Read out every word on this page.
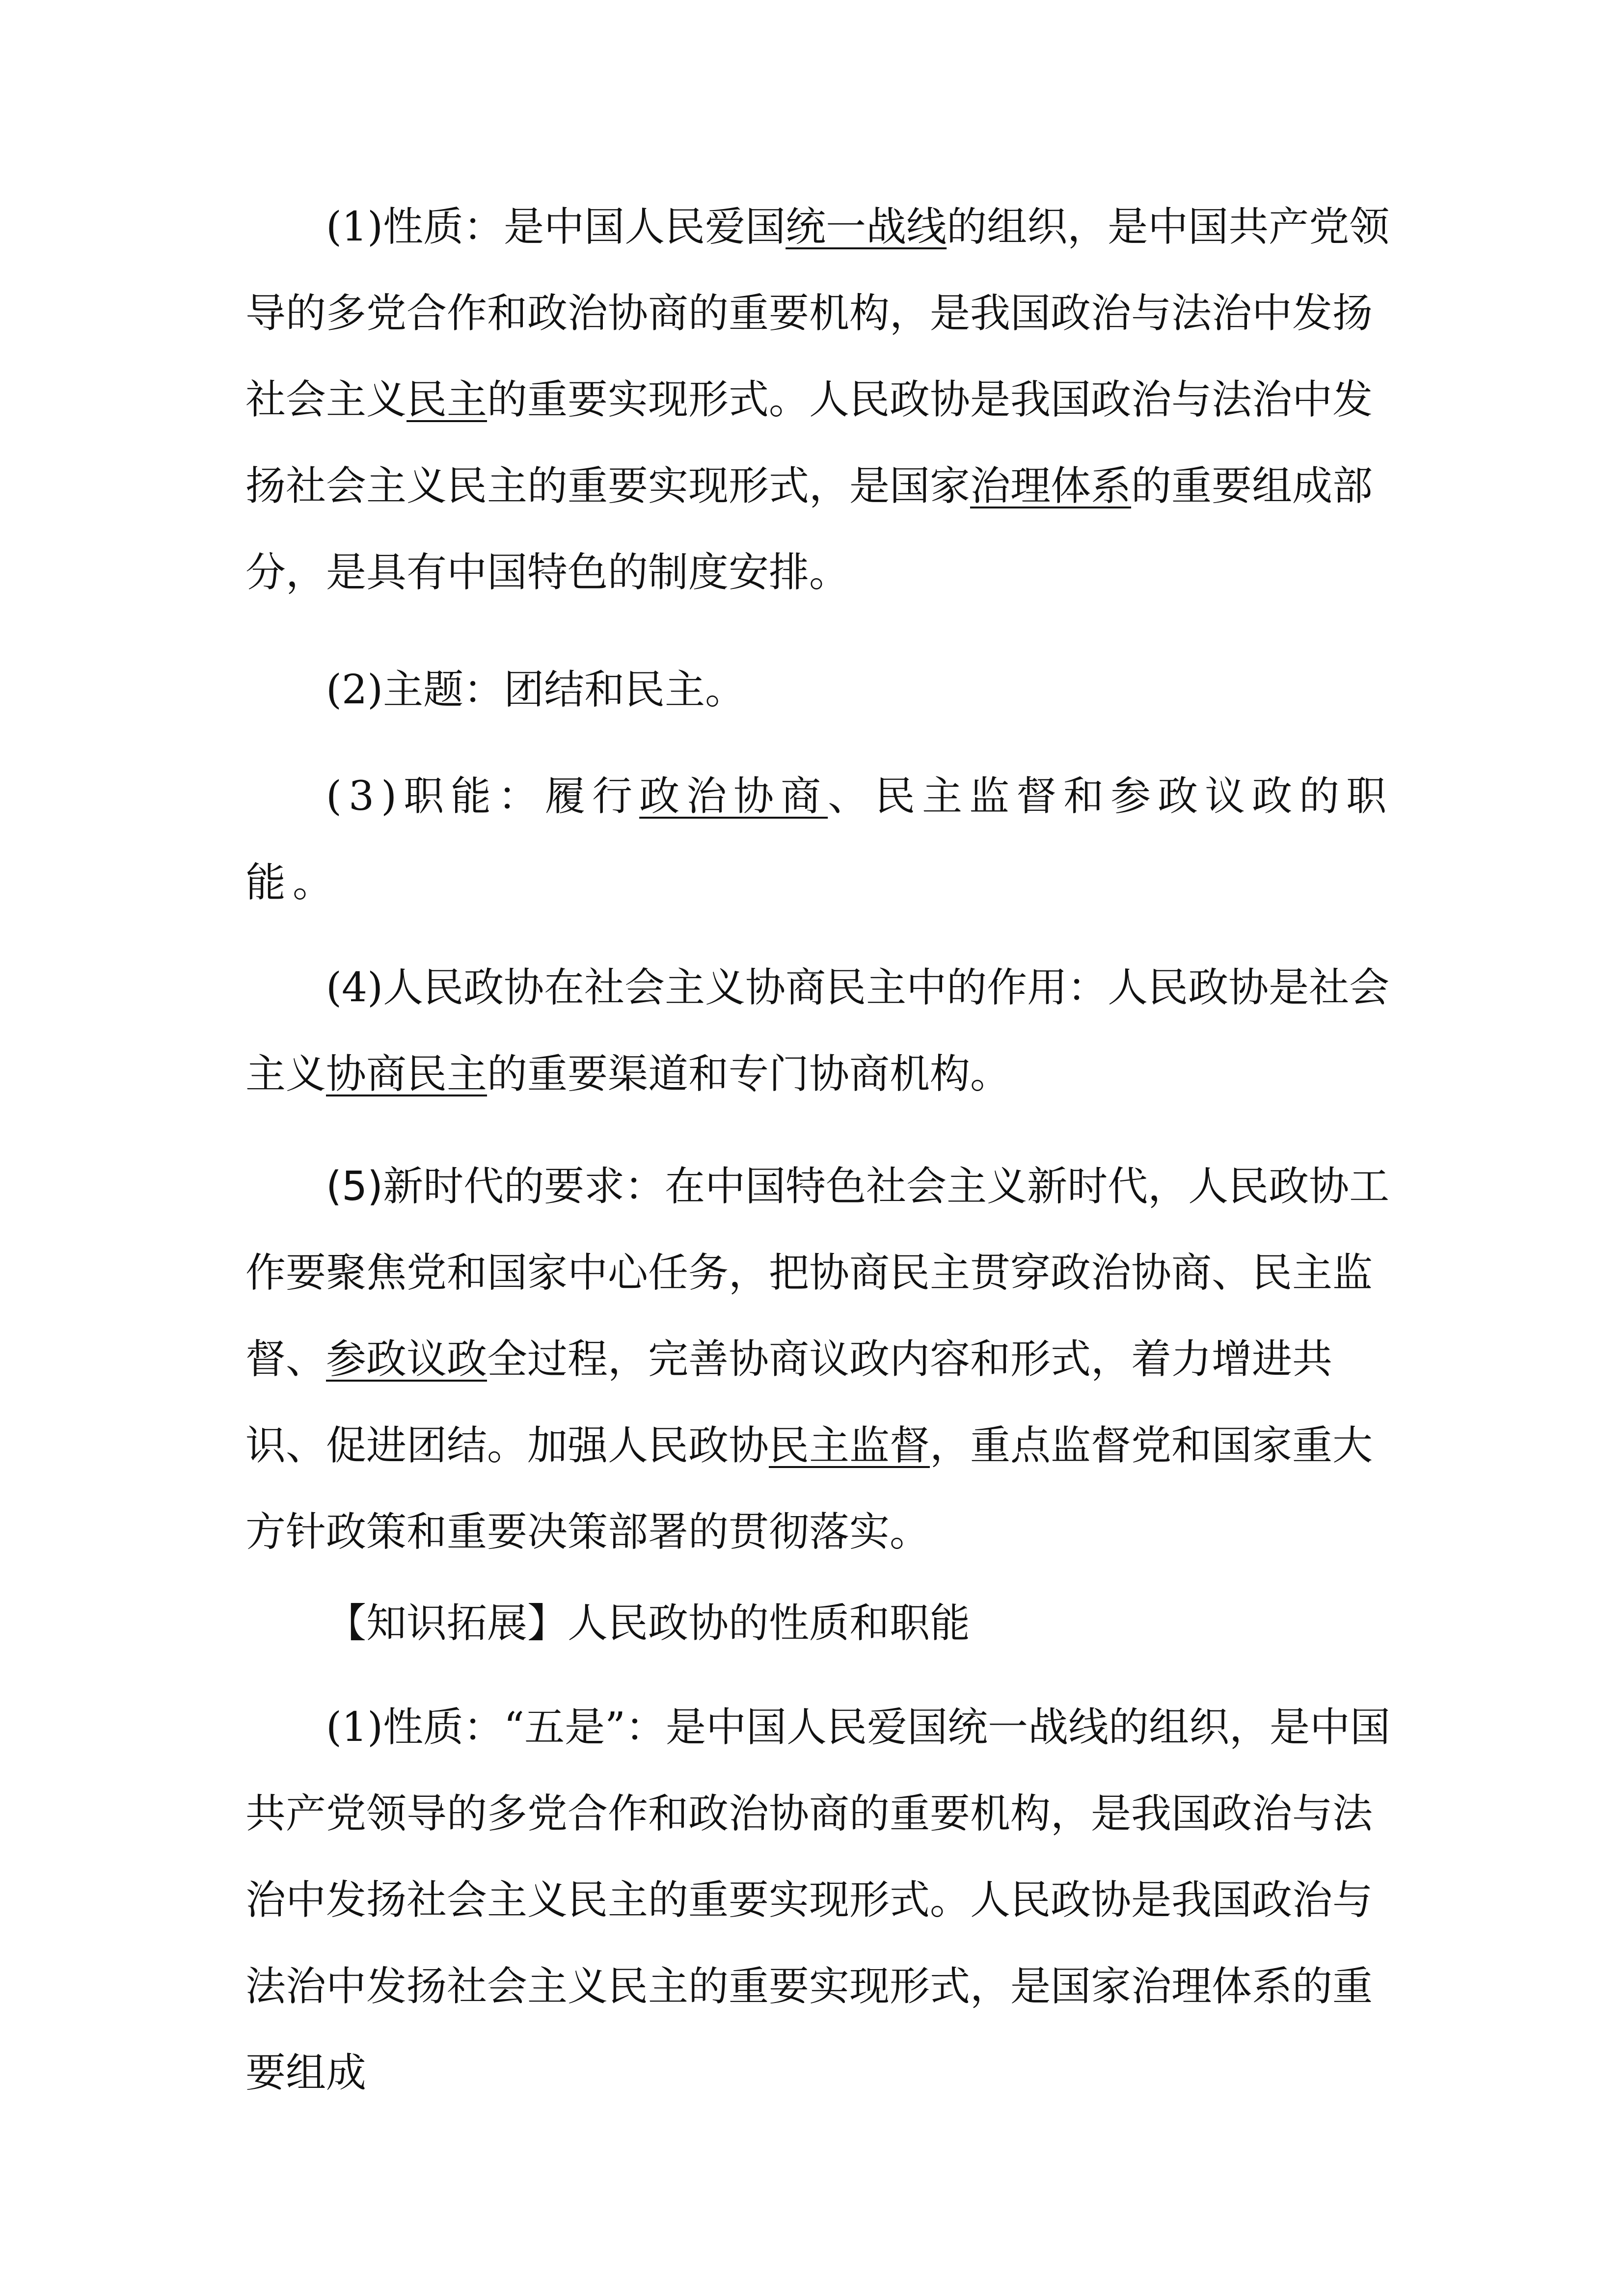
(1)性质：是中国人民爱国统一战线的组织，是中国共产党领导的多党合作和政治协商的重要机构，是我国政治与法治中发扬社会主义民主的重要实现形式。人民政协是我国政治与法治中发扬社会主义民主的重要实现形式，是国家治理体系的重要组成部分，是具有中国特色的制度安排。

(2)主题：团结和民主。

(3)职能：履行政治协商、民主监督和参政议政的职能。

(4)人民政协在社会主义协商民主中的作用：人民政协是社会主义协商民主的重要渠道和专门协商机构。

(5)新时代的要求：在中国特色社会主义新时代，人民政协工作要聚焦党和国家中心任务，把协商民主贯穿政治协商、民主监督、参政议政全过程，完善协商议政内容和形式，着力增进共识、促进团结。加强人民政协民主监督，重点监督党和国家重大方针政策和重要决策部署的贯彻落实。

【知识拓展】人民政协的性质和职能

(1)性质：“五是”：是中国人民爱国统一战线的组织，是中国共产党领导的多党合作和政治协商的重要机构，是我国政治与法治中发扬社会主义民主的重要实现形式。人民政协是我国政治与法治中发扬社会主义民主的重要实现形式，是国家治理体系的重要组成
